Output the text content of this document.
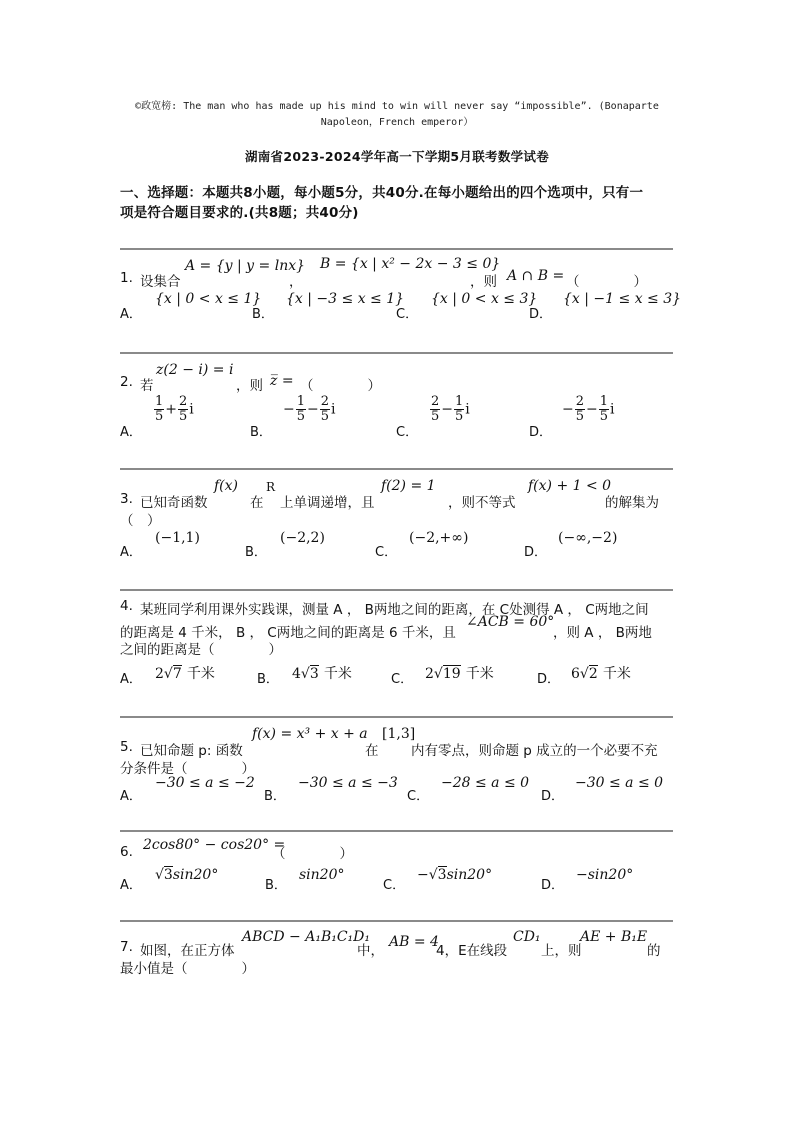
©政宽榜: The man who has made up his mind to win will never say “impossible”. (Bonaparte
Napoleon，French emperor）
湖南省2023-2024学年高一下学期5月联考数学试卷
一、选择题：本题共8小题，每小题5分，共40分.在每小题给出的四个选项中，只有一
项是符合题目要求的.(共8题；共40分)
1. 设集合
A = {y | y = lnx}
，
B = {x | x² − 2x − 3 ≤ 0}
，则 A ∩ B = （　　　　）
A．
{x | 0 < x ≤ 1}
B．
{x | −3 ≤ x ≤ 1}
C．
{x | 0 < x ≤ 3}
D．
{x | −1 ≤ x ≤ 3}
2. 若
z(2 − i) = i
，则 z̅ = （　　　　）
A．
$\frac{1}{5} + \frac{2}{5}$ i
B．
− $\frac{1}{5} - \frac{2}{5}$ i
C．
$\frac{2}{5} - \frac{1}{5}$ i
D．
− $\frac{2}{5} - \frac{1}{5}$ i
3. 已知奇函数
f(x)
在
R
上单调递增，且
f(2) = 1
，则不等式
f(x) + 1 < 0
的解集为
（　）
A．
(−1,1)
B．
(−2,2)
C．
(−2,+∞)
D．
(−∞,−2)
4. 某班同学利用课外实践课，测量 A ， B两地之间的距离，在 C处测得 A ， C两地之间
的距离是 4 千米， B ， C两地之间的距离是 6 千米，且
∠ACB = 60°
，则 A ， B两地
之间的距离是（　　　　）
A． 2√7 千米	B． 4√3 千米	C． 2√19 千米	D． 6√2 千米
5. 已知命题 p: 函数
f(x) = x³ + x + a
在
[1,3]
内有零点，则命题 p 成立的一个必要不充
分条件是（　　　　）
A．
−30 ≤ a ≤ −2
B．
−30 ≤ a ≤ −3
C．
−28 ≤ a ≤ 0
D．
−30 ≤ a ≤ 0
6. 2cos80° − cos20° =
（　　　　）
A．
√3sin20°
B．
sin20°
C．
−√3sin20°
D．
−sin20°
7. 如图，在正方体
ABCD − A₁B₁C₁D₁
中，
AB = 4
4，E在线段
CD₁
上，则
AE + B₁E
的
最小值是（　　　　）
